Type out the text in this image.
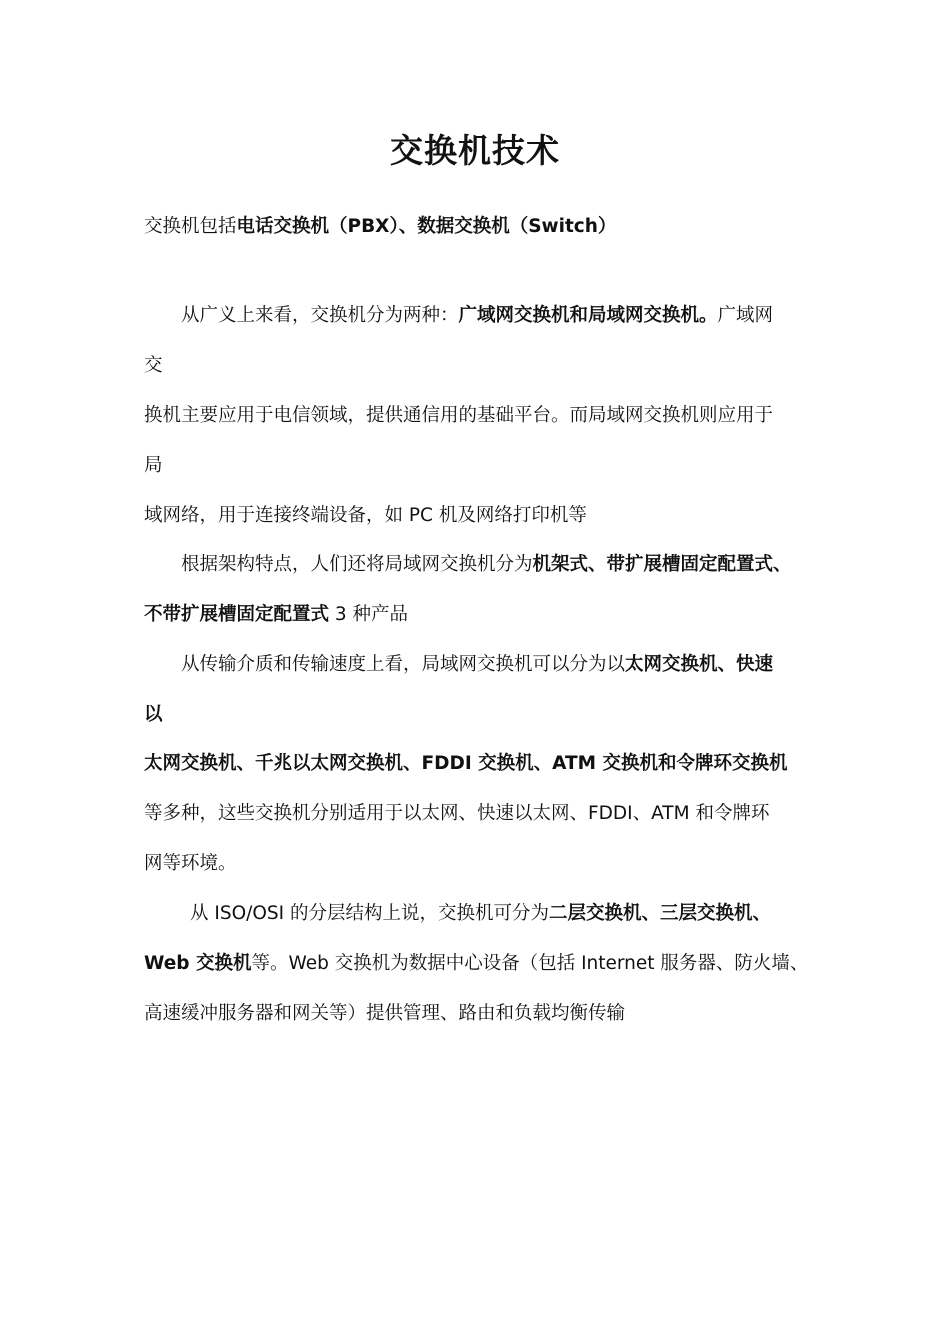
交换机技术
交换机包括电话交换机（PBX）、数据交换机（Switch）
从广义上来看，交换机分为两种：广域网交换机和局域网交换机。广域网
交
换机主要应用于电信领域，提供通信用的基础平台。而局域网交换机则应用于
局
域网络，用于连接终端设备，如 PC 机及网络打印机等
根据架构特点，人们还将局域网交换机分为机架式、带扩展槽固定配置式、
不带扩展槽固定配置式 3 种产品
从传输介质和传输速度上看，局域网交换机可以分为以太网交换机、快速
以
太网交换机、千兆以太网交换机、FDDI 交换机、ATM 交换机和令牌环交换机
等多种，这些交换机分别适用于以太网、快速以太网、FDDI、ATM 和令牌环
网等环境。
从 ISO/OSI 的分层结构上说，交换机可分为二层交换机、三层交换机、
Web 交换机等。Web 交换机为数据中心设备（包括 Internet 服务器、防火墙、
高速缓冲服务器和网关等）提供管理、路由和负载均衡传输
